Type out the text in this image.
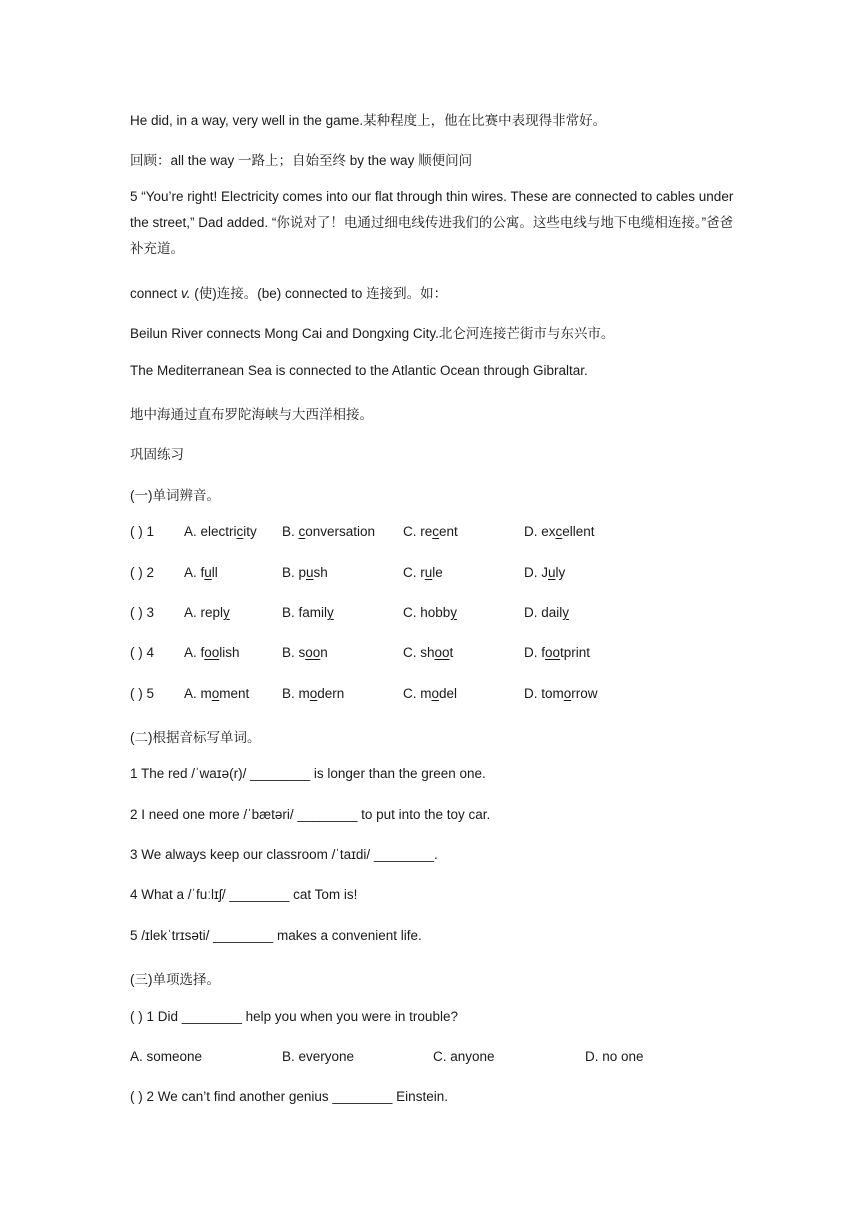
He did, in a way, very well in the game.某种程度上，他在比赛中表现得非常好。
回顾：all the way 一路上；自始至终 by the way 顺便问问
5 “You’re right! Electricity comes into our flat through thin wires. These are connected to cables under the street,” Dad added. “你说对了！电通过细电线传进我们的公寓。这些电线与地下电缆相连接。”爸爸补充道。
connect v. (使)连接。(be) connected to 连接到。如：
Beilun River connects Mong Cai and Dongxing City.北仑河连接芒街市与东兴市。
The Mediterranean Sea is connected to the Atlantic Ocean through Gibraltar.
地中海通过直布罗陀海峡与大西洋相接。
巩固练习
(一)单词辨音。
( ) 1 A. electricity B. conversation C. recent	D. excellent
( ) 2 A. full	B. push	C. rule	D. July
( ) 3 A. reply	B. family	C. hobby	D. daily
( ) 4 A. foolish	B. soon	C. shoot	D. footprint
( ) 5 A. moment B. modern	C. model	D. tomorrow
(二)根据音标写单词。
1 The red /ˈwaɪə(r)/ ________ is longer than the green one.
2 I need one more /ˈbætəri/ ________ to put into the toy car.
3 We always keep our classroom /ˈtaɪdi/ ________.
4 What a /ˈfuːlɪʃ/ ________ cat Tom is!
5 /ɪlekˈtrɪsəti/ ________ makes a convenient life.
(三)单项选择。
( ) 1 Did ________ help you when you were in trouble?
A. someone	B. everyone	C. anyone	D. no one
( ) 2 We can’t find another genius ________ Einstein.
